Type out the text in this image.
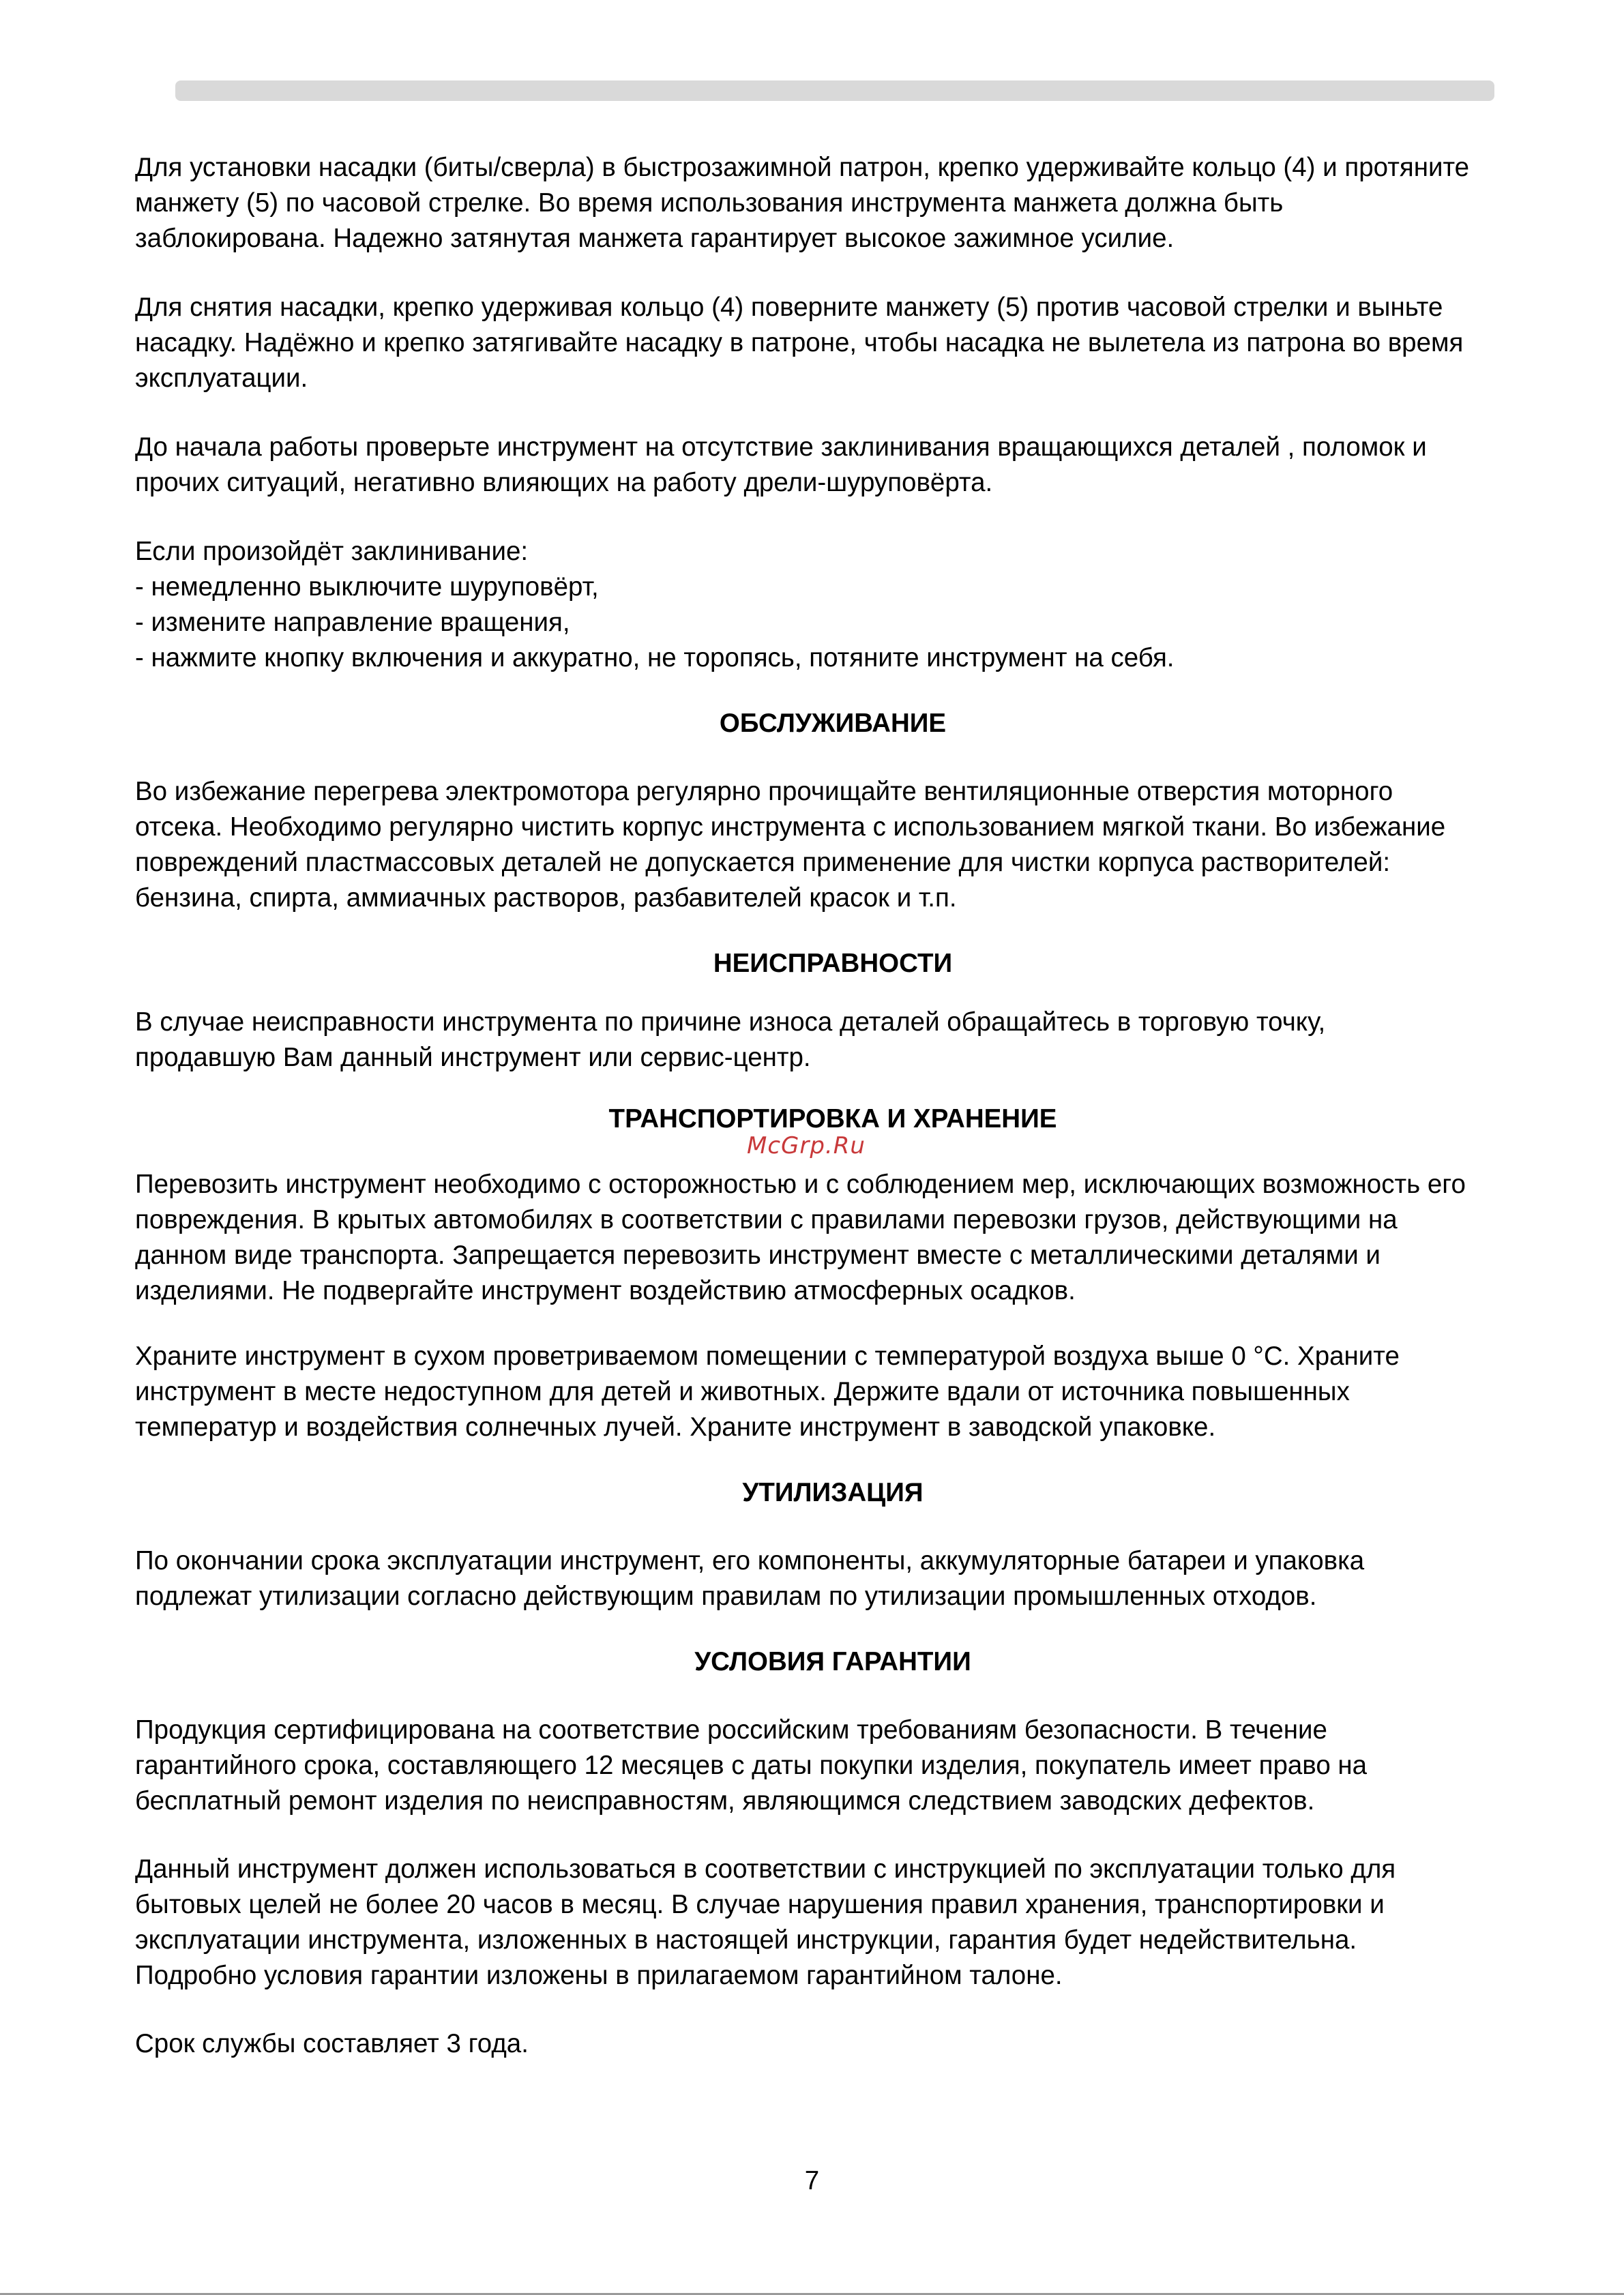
Для установки насадки (биты/сверла) в быстрозажимной патрон, крепко удерживайте кольцо (4) и протяните
манжету (5) по часовой стрелке. Во время использования инструмента манжета должна быть
заблокирована. Надежно затянутая манжета гарантирует высокое зажимное усилие.
Для снятия насадки, крепко удерживая кольцо (4) поверните манжету (5) против часовой стрелки и выньте
насадку. Надёжно и крепко затягивайте насадку в патроне, чтобы насадка не вылетела из патрона во время
эксплуатации.
До начала работы проверьте инструмент на отсутствие заклинивания вращающихся деталей , поломок и
прочих ситуаций, негативно влияющих на работу дрели-шуруповёрта.
Если произойдёт заклинивание:
- немедленно выключите шуруповёрт,
- измените направление вращения,
- нажмите кнопку включения и аккуратно, не торопясь, потяните инструмент на себя.
ОБСЛУЖИВАНИЕ
Во избежание перегрева электромотора регулярно прочищайте вентиляционные отверстия моторного
отсека. Необходимо регулярно чистить корпус инструмента с использованием мягкой ткани. Во избежание
повреждений пластмассовых деталей не допускается применение для чистки корпуса растворителей:
бензина, спирта, аммиачных растворов, разбавителей красок и т.п.
НЕИСПРАВНОСТИ
В случае неисправности инструмента по причине износа деталей обращайтесь в торговую точку,
продавшую Вам данный инструмент или сервис-центр.
ТРАНСПОРТИРОВКА И ХРАНЕНИЕ
Перевозить инструмент необходимо с осторожностью и с соблюдением мер, исключающих возможность его
повреждения. В крытых автомобилях в соответствии с правилами перевозки грузов, действующими на
данном виде транспорта. Запрещается перевозить инструмент вместе с металлическими деталями и
изделиями. Не подвергайте инструмент воздействию атмосферных осадков.
Храните инструмент в сухом проветриваемом помещении с температурой воздуха выше 0 °С. Храните
инструмент в месте недоступном для детей и животных. Держите вдали от источника повышенных
температур и воздействия солнечных лучей. Храните инструмент в заводской упаковке.
УТИЛИЗАЦИЯ
По окончании срока эксплуатации инструмент, его компоненты, аккумуляторные батареи и упаковка
подлежат утилизации согласно действующим правилам по утилизации промышленных отходов.
УСЛОВИЯ ГАРАНТИИ
Продукция сертифицирована на соответствие российским требованиям безопасности. В течение
гарантийного срока, составляющего 12 месяцев с даты покупки изделия, покупатель имеет право на
бесплатный ремонт изделия по неисправностям, являющимся следствием заводских дефектов.
Данный инструмент должен использоваться в соответствии с инструкцией по эксплуатации только для
бытовых целей не более 20 часов в месяц. В случае нарушения правил хранения, транспортировки и
эксплуатации инструмента, изложенных в настоящей инструкции, гарантия будет недействительна.
Подробно условия гарантии изложены в прилагаемом гарантийном талоне.
Срок службы составляет 3 года.
McGrp.Ru
7
